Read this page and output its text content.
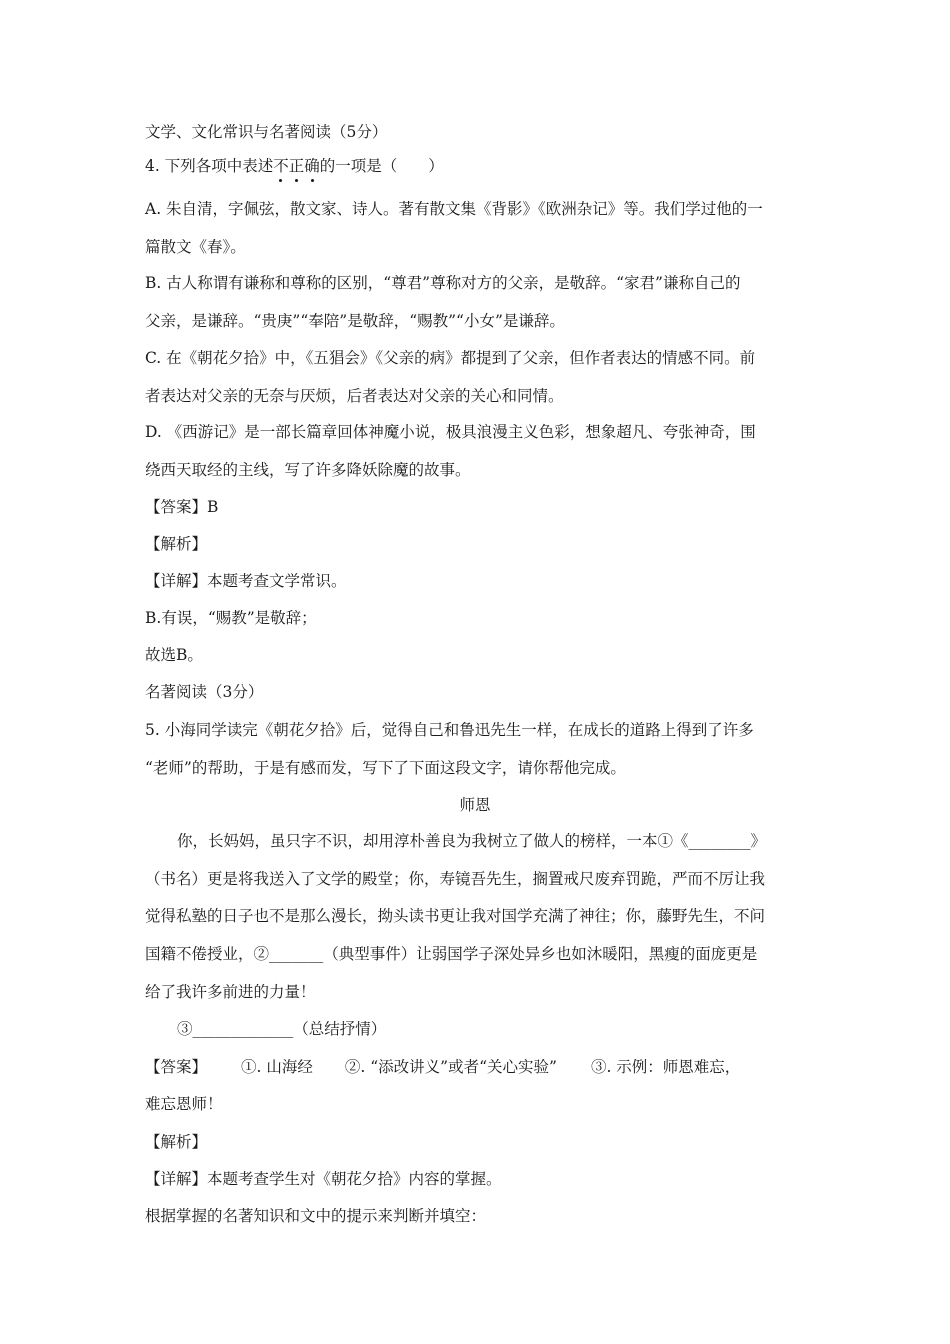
文学、文化常识与名著阅读（5分）
4. 下列各项中表述不正确的一项是（　　）
A. 朱自清，字佩弦，散文家、诗人。著有散文集《背影》《欧洲杂记》等。我们学过他的一
篇散文《春》。
B. 古人称谓有谦称和尊称的区别，“尊君”尊称对方的父亲，是敬辞。“家君”谦称自己的
父亲，是谦辞。“贵庚”“奉陪”是敬辞，“赐教”“小女”是谦辞。
C. 在《朝花夕拾》中，《五猖会》《父亲的病》都提到了父亲，但作者表达的情感不同。前
者表达对父亲的无奈与厌烦，后者表达对父亲的关心和同情。
D. 《西游记》是一部长篇章回体神魔小说，极具浪漫主义色彩，想象超凡、夸张神奇，围
绕西天取经的主线，写了许多降妖除魔的故事。
【答案】B
【解析】
【详解】本题考查文学常识。
B.有误，“赐教”是敬辞；
故选B。
名著阅读（3分）
5. 小海同学读完《朝花夕拾》后，觉得自己和鲁迅先生一样，在成长的道路上得到了许多
“老师”的帮助，于是有感而发，写下了下面这段文字，请你帮他完成。
师恩
你，长妈妈，虽只字不识，却用淳朴善良为我树立了做人的榜样，一本①《________》
（书名）更是将我送入了文学的殿堂；你，寿镜吾先生，搁置戒尺废弃罚跪，严而不厉让我
觉得私塾的日子也不是那么漫长，拗头读书更让我对国学充满了神往；你，藤野先生，不问
国籍不倦授业，②_______（典型事件）让弱国学子深处异乡也如沐暖阳，黑瘦的面庞更是
给了我许多前进的力量！
③_____________（总结抒情）
【答案】 ①. 山海经 ②. “添改讲义”或者“关心实验” ③. 示例：师恩难忘，
难忘恩师！
【解析】
【详解】本题考查学生对《朝花夕拾》内容的掌握。
根据掌握的名著知识和文中的提示来判断并填空：
